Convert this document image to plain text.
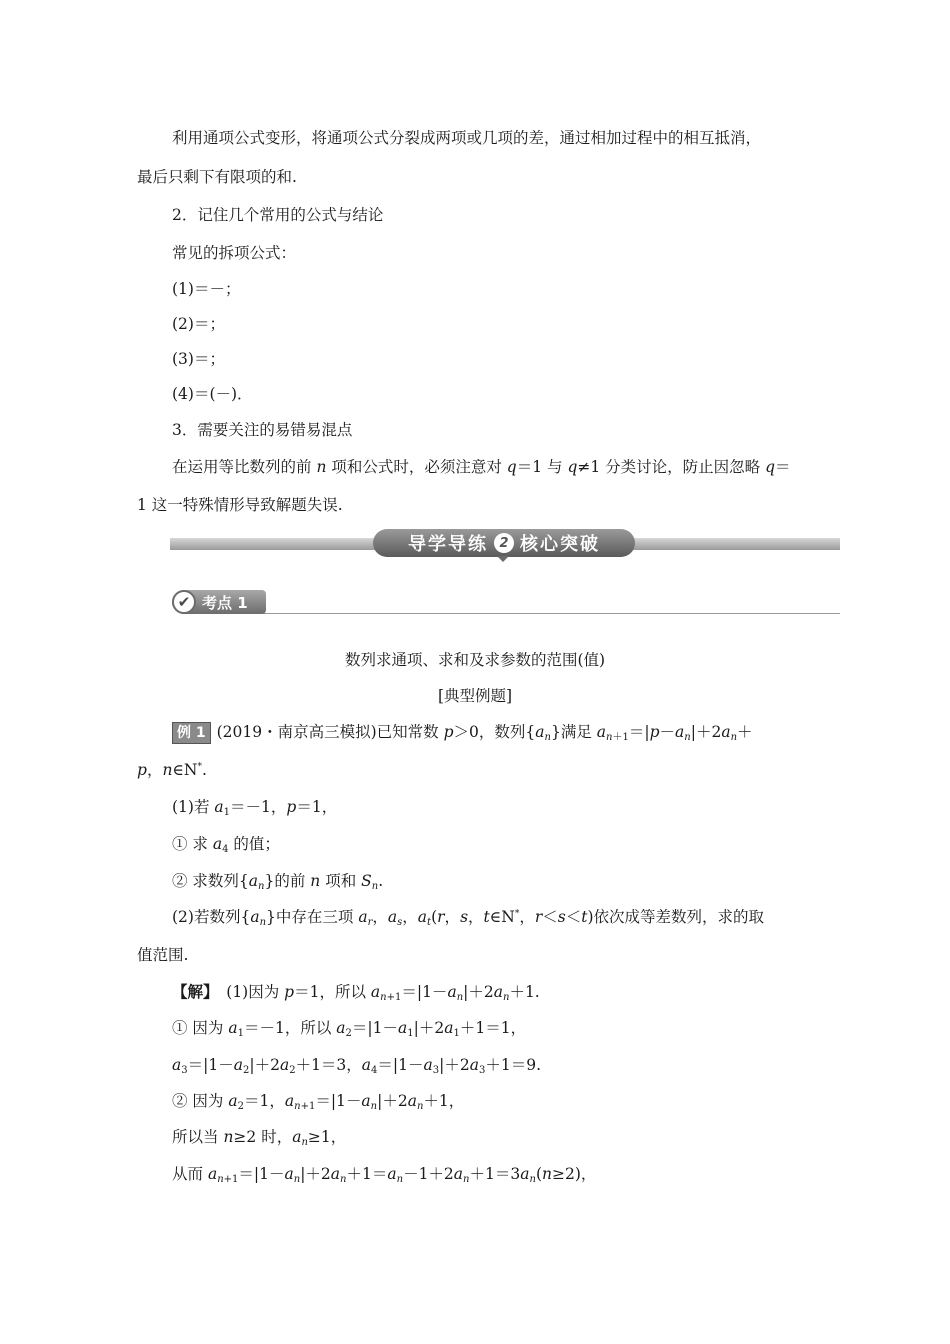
利用通项公式变形，将通项公式分裂成两项或几项的差，通过相加过程中的相互抵消，
最后只剩下有限项的和.
2．记住几个常用的公式与结论
常见的拆项公式：
(1)＝－；
(2)＝；
(3)＝；
(4)＝(－)．
3．需要关注的易错易混点
在运用等比数列的前 n 项和公式时，必须注意对 q＝1 与 q≠1 分类讨论，防止因忽略 q＝
1 这一特殊情形导致解题失误.
导学导练 2 核心突破
✔ 考点 1
数列求通项、求和及求参数的范围(值)
[典型例题]
例 1 (2019・南京高三模拟)已知常数 p＞0，数列$\{a_n\}$满足 $a_{n+1}=|p-a_n|+2a_n+$
p，n∈N*.
(1)若 $a_1=-1$，p＝1，
① 求 $a_4$ 的值；
② 求数列$\{a_n\}$的前 n 项和 $S_n$.
(2)若数列$\{a_n\}$中存在三项 $a_r$，$a_s$，$a_t(r$，s，t∈N*，r＜s＜t)依次成等差数列，求的取
值范围.
【解】　(1)因为 p＝1，所以 $a_{n+1}=|1-a_n|+2a_n+1$.
① 因为 $a_1=-1$，所以 $a_2=|1-a_1|+2a_1+1=1$，
$a_3=|1-a_2|+2a_2+1=3$，$a_4=|1-a_3|+2a_3+1=9$.
② 因为 $a_2=1$，$a_{n+1}=|1-a_n|+2a_n+1$，
所以当 n≥2 时，$a_n\ge 1$，
从而 $a_{n+1}=|1-a_n|+2a_n+1=a_n-1+2a_n+1=3a_n(n\ge 2)$，
